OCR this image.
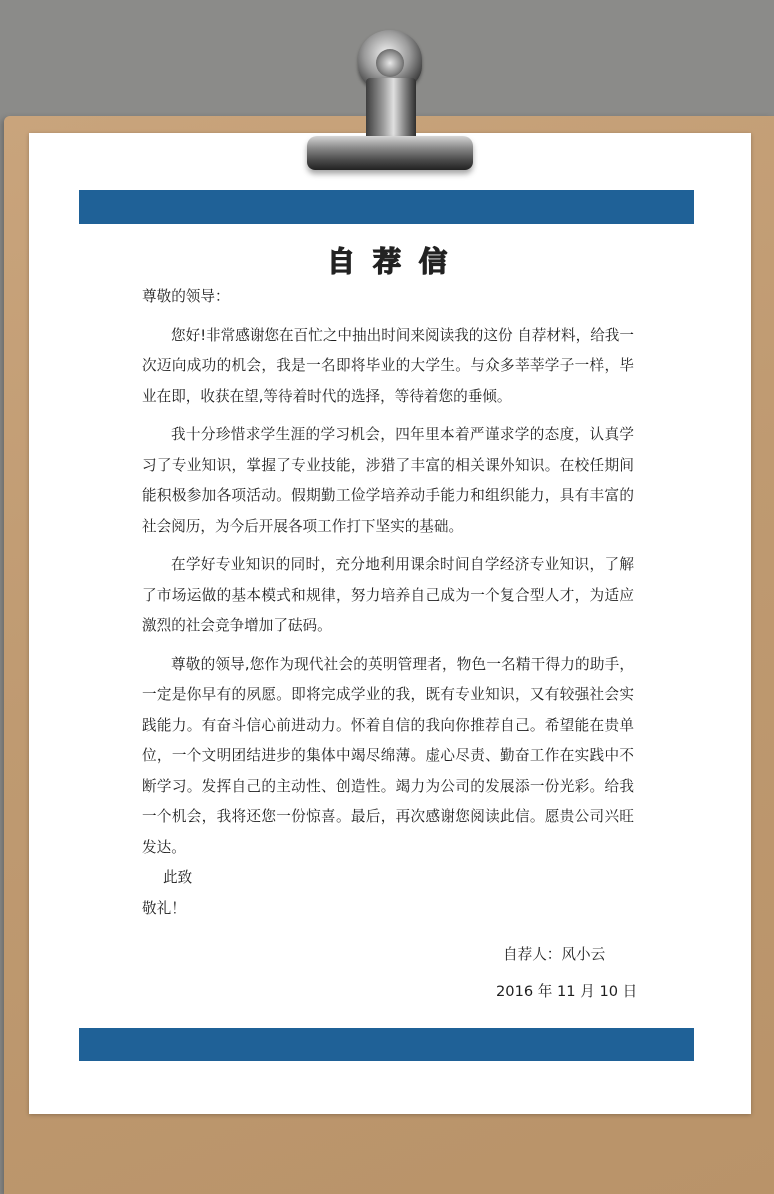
自荐信

尊敬的领导：

您好!非常感谢您在百忙之中抽出时间来阅读我的这份 自荐材料，给我一次迈向成功的机会，我是一名即将毕业的大学生。与众多莘莘学子一样，毕业在即，收获在望,等待着时代的选择，等待着您的垂倾。

我十分珍惜求学生涯的学习机会，四年里本着严谨求学的态度，认真学习了专业知识，掌握了专业技能，涉猎了丰富的相关课外知识。在校任期间能积极参加各项活动。假期勤工俭学培养动手能力和组织能力，具有丰富的社会阅历，为今后开展各项工作打下坚实的基础。

在学好专业知识的同时，充分地利用课余时间自学经济专业知识，了解了市场运做的基本模式和规律，努力培养自己成为一个复合型人才，为适应激烈的社会竞争增加了砝码。

尊敬的领导,您作为现代社会的英明管理者，物色一名精干得力的助手，一定是你早有的夙愿。即将完成学业的我，既有专业知识，又有较强社会实践能力。有奋斗信心前进动力。怀着自信的我向你推荐自己。希望能在贵单位，一个文明团结进步的集体中竭尽绵薄。虚心尽责、勤奋工作在实践中不断学习。发挥自己的主动性、创造性。竭力为公司的发展添一份光彩。给我一个机会，我将还您一份惊喜。最后，再次感谢您阅读此信。愿贵公司兴旺发达。

此致

敬礼！

自荐人：风小云
2016 年 11 月 10 日
